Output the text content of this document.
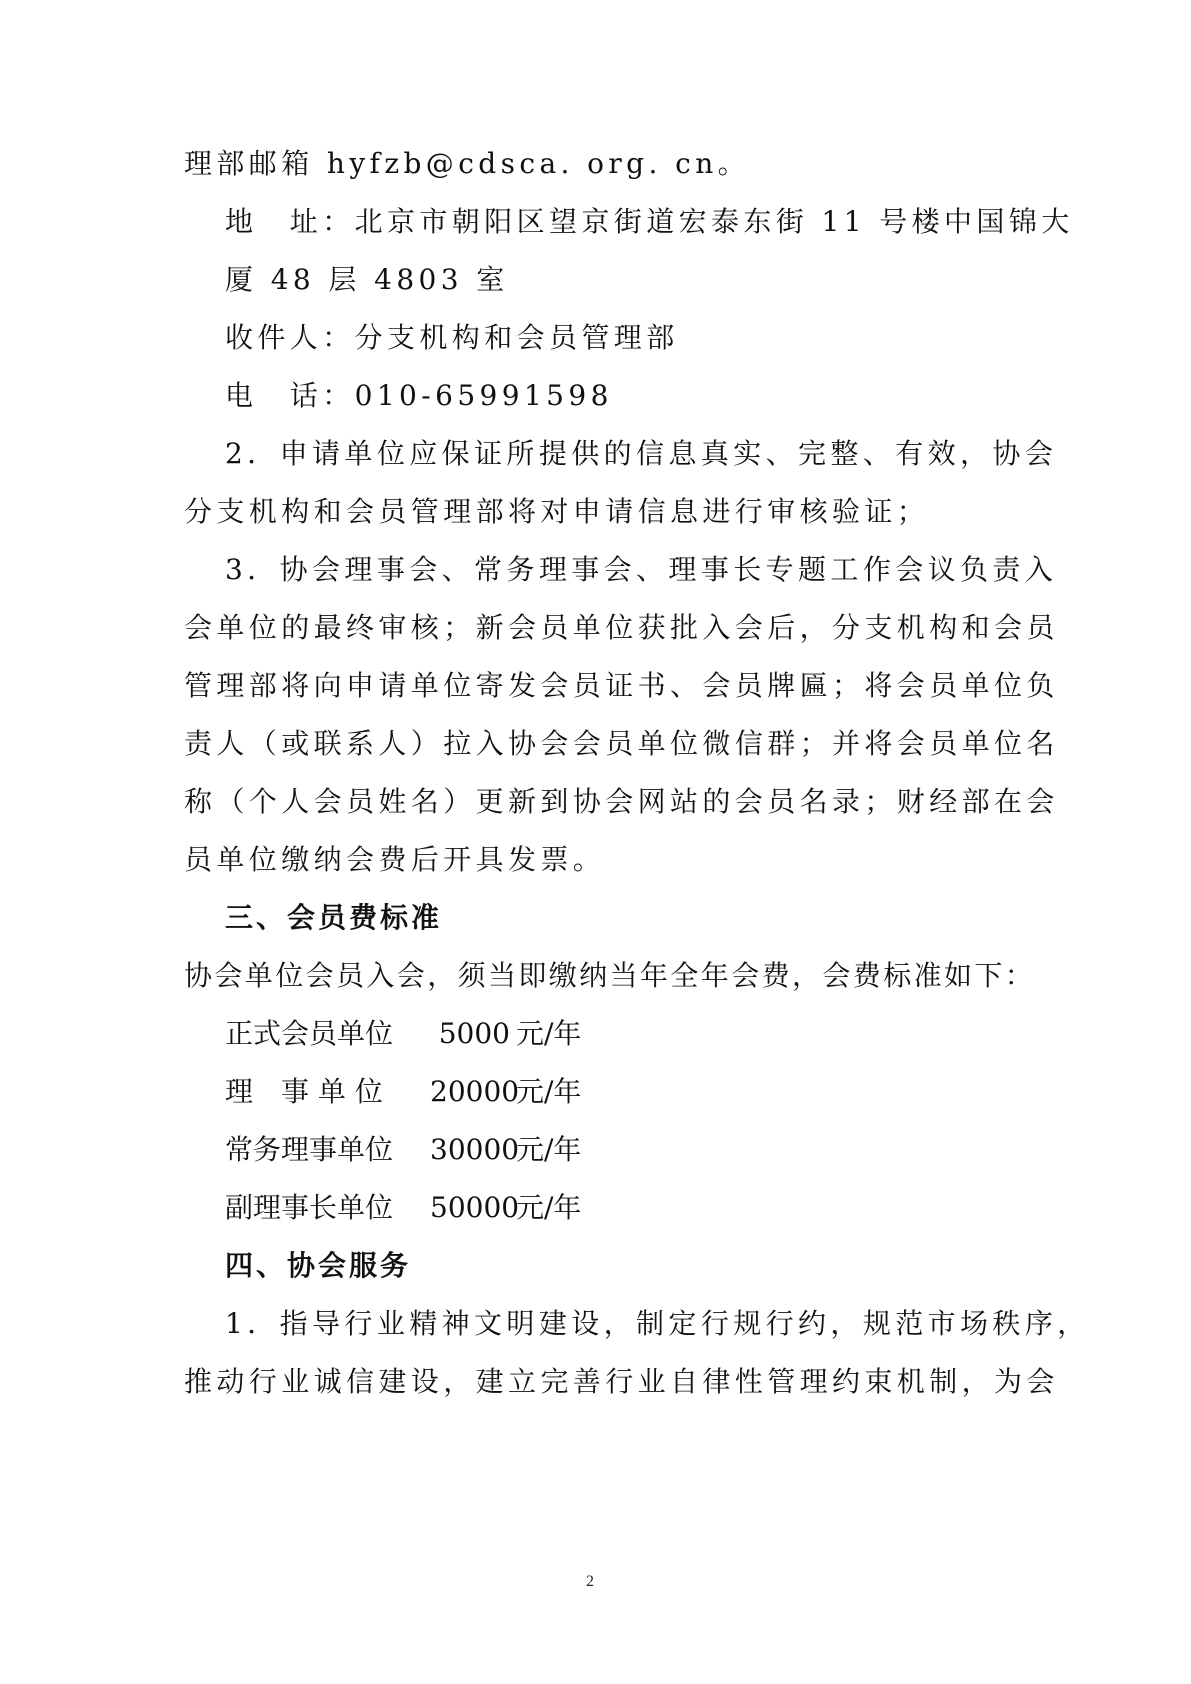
理部邮箱 hyfzb@cdsca. org. cn。
地　址：北京市朝阳区望京街道宏泰东街 11 号楼中国锦大
厦 48 层 4803 室
收件人：分支机构和会员管理部
电　话：010-65991598
2．申请单位应保证所提供的信息真实、完整、有效，协会
分支机构和会员管理部将对申请信息进行审核验证；
3．协会理事会、常务理事会、理事长专题工作会议负责入
会单位的最终审核；新会员单位获批入会后，分支机构和会员
管理部将向申请单位寄发会员证书、会员牌匾；将会员单位负
责人（或联系人）拉入协会会员单位微信群；并将会员单位名
称（个人会员姓名）更新到协会网站的会员名录；财经部在会
员单位缴纳会费后开具发票。
三、会员费标准
协会单位会员入会，须当即缴纳当年全年会费，会费标准如下：
正式会员单位 5000 元/年
理　事 单 位 20000元/年
常务理事单位 30000元/年
副理事长单位 50000元/年
四、协会服务
1．指导行业精神文明建设，制定行规行约，规范市场秩序，
推动行业诚信建设，建立完善行业自律性管理约束机制，为会
2
